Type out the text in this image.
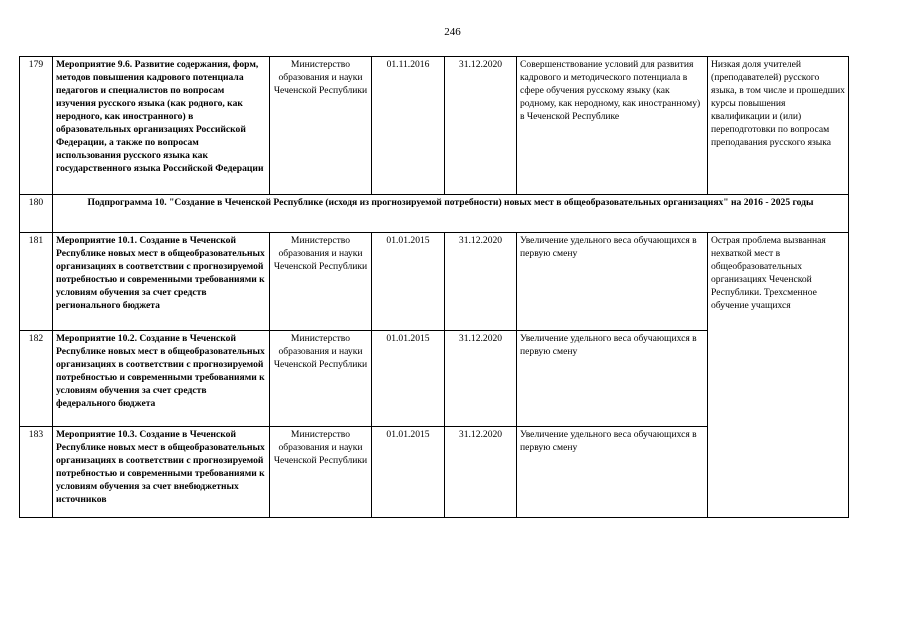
246
179	Мероприятие 9.6. Развитие содержания, форм, методов повышения кадрового потенциала педагогов и специалистов по вопросам изучения русского языка (как родного, как неродного, как иностранного) в образовательных организациях Российской Федерации, а также по вопросам использования русского языка как государственного языка Российской Федерации	Министерство образования и науки Чеченской Республики	01.11.2016	31.12.2020	Совершенствование условий для развития кадрового и методического потенциала в сфере обучения русскому языку (как родному, как неродному, как иностранному) в Чеченской Республике	Низкая доля учителей (преподавателей) русского языка, в том числе и прошедших курсы повышения квалификации и (или) переподготовки по вопросам преподавания русского языка
180	Подпрограмма 10. "Создание в Чеченской Республике (исходя из прогнозируемой потребности) новых мест в общеобразовательных организациях" на 2016 - 2025 годы					
181	Мероприятие 10.1. Создание в Чеченской Республике новых мест в общеобразовательных организациях в соответствии с прогнозируемой потребностью и современными требованиями к условиям обучения за счет средств регионального бюджета	Министерство образования и науки Чеченской Республики	01.01.2015	31.12.2020	Увеличение удельного веса обучающихся в первую смену	Острая проблема вызванная нехваткой мест в общеобразовательных организациях Чеченской Республики. Трехсменное обучение учащихся
182	Мероприятие 10.2. Создание в Чеченской Республике новых мест в общеобразовательных организациях в соответствии с прогнозируемой потребностью и современными требованиями к условиям обучения за счет средств федерального бюджета	Министерство образования и науки Чеченской Республики	01.01.2015	31.12.2020	Увеличение удельного веса обучающихся в первую смену	
183	Мероприятие 10.3. Создание в Чеченской Республике новых мест в общеобразовательных организациях в соответствии с прогнозируемой потребностью и современными требованиями к условиям обучения за счет внебюджетных источников	Министерство образования и науки Чеченской Республики	01.01.2015	31.12.2020	Увеличение удельного веса обучающихся в первую смену	
